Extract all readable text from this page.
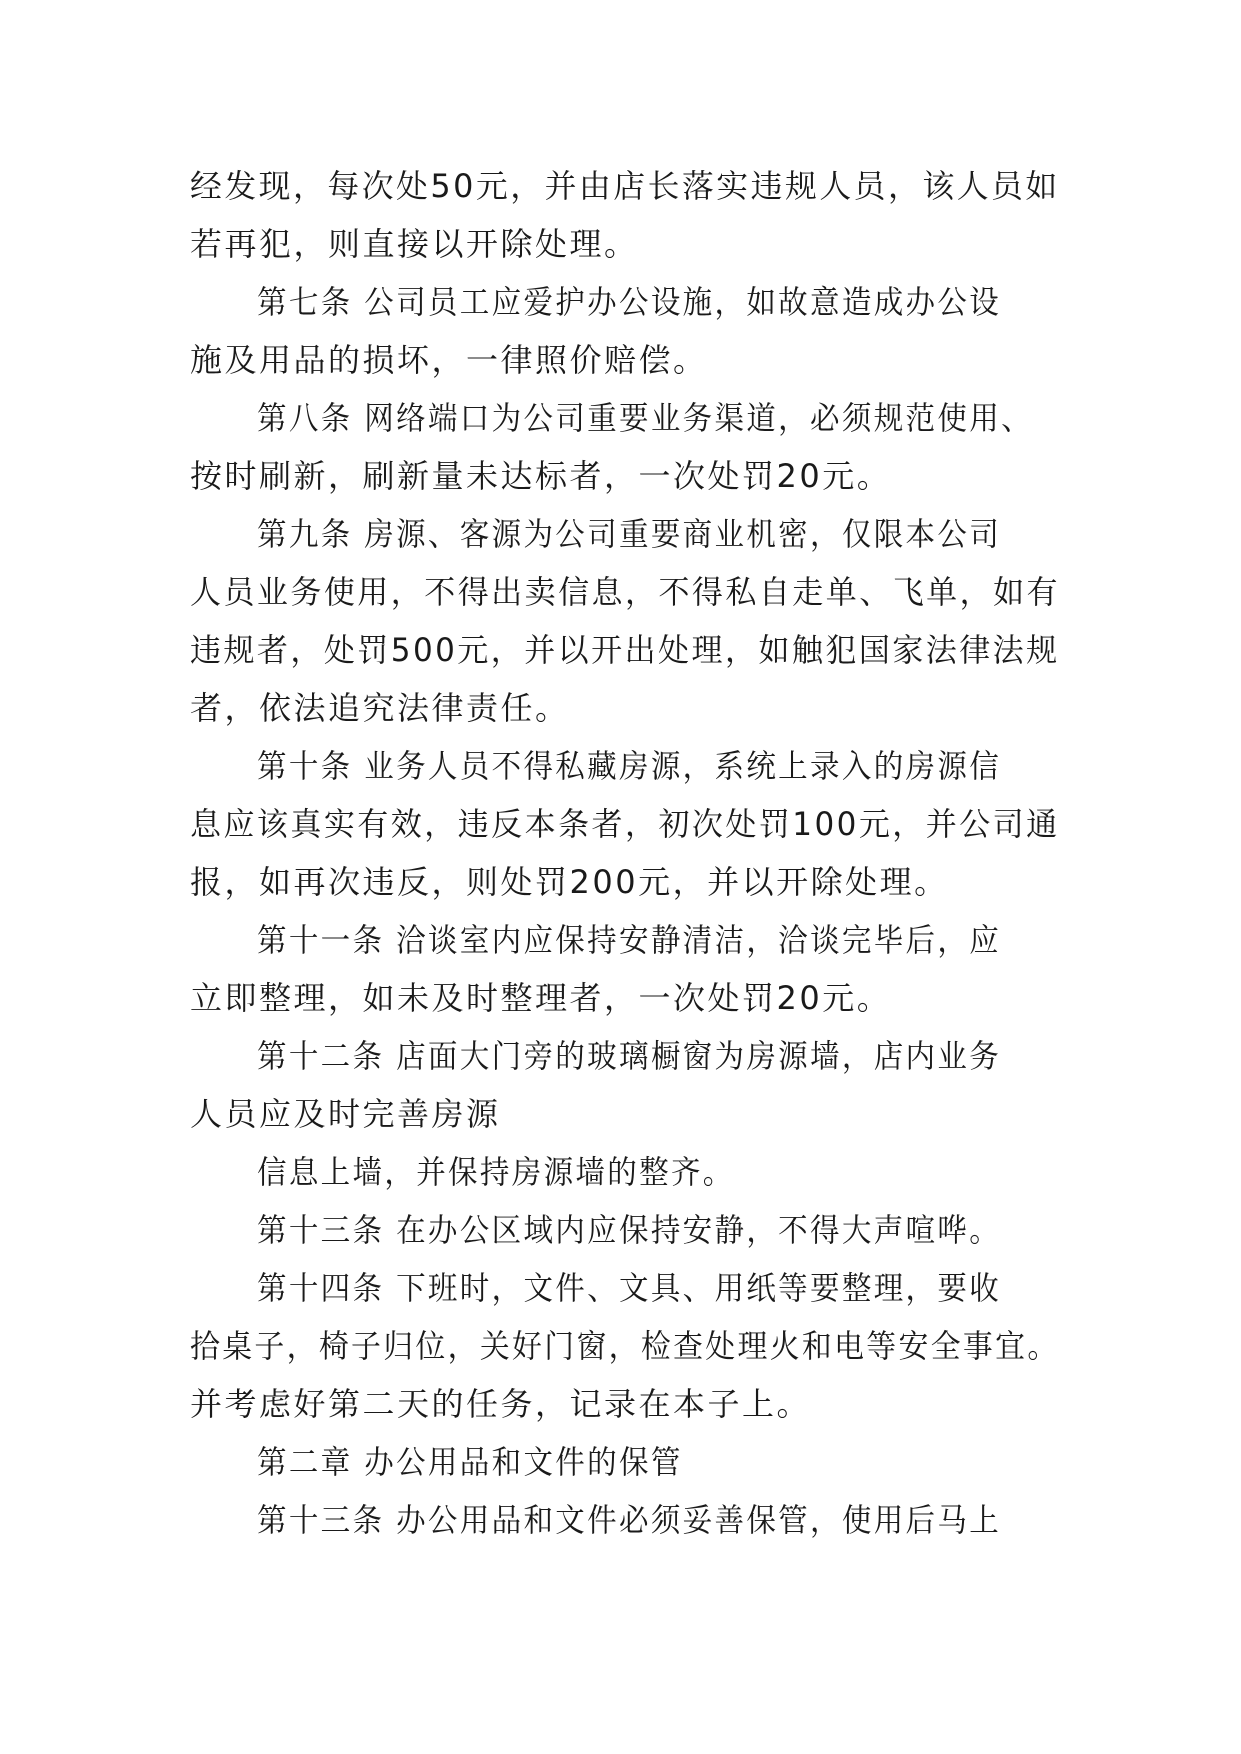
经发现，每次处50元，并由店长落实违规人员，该人员如
若再犯，则直接以开除处理。
第七条 公司员工应爱护办公设施，如故意造成办公设
施及用品的损坏，一律照价赔偿。
第八条 网络端口为公司重要业务渠道，必须规范使用、
按时刷新，刷新量未达标者，一次处罚20元。
第九条 房源、客源为公司重要商业机密，仅限本公司
人员业务使用，不得出卖信息，不得私自走单、飞单，如有
违规者，处罚500元，并以开出处理，如触犯国家法律法规
者，依法追究法律责任。
第十条 业务人员不得私藏房源，系统上录入的房源信
息应该真实有效，违反本条者，初次处罚100元，并公司通
报，如再次违反，则处罚200元，并以开除处理。
第十一条 洽谈室内应保持安静清洁，洽谈完毕后，应
立即整理，如未及时整理者，一次处罚20元。
第十二条 店面大门旁的玻璃橱窗为房源墙，店内业务
人员应及时完善房源
信息上墙，并保持房源墙的整齐。
第十三条 在办公区域内应保持安静，不得大声喧哗。
第十四条 下班时，文件、文具、用纸等要整理，要收
拾桌子，椅子归位，关好门窗，检查处理火和电等安全事宜。
并考虑好第二天的任务，记录在本子上。
第二章 办公用品和文件的保管
第十三条 办公用品和文件必须妥善保管，使用后马上
